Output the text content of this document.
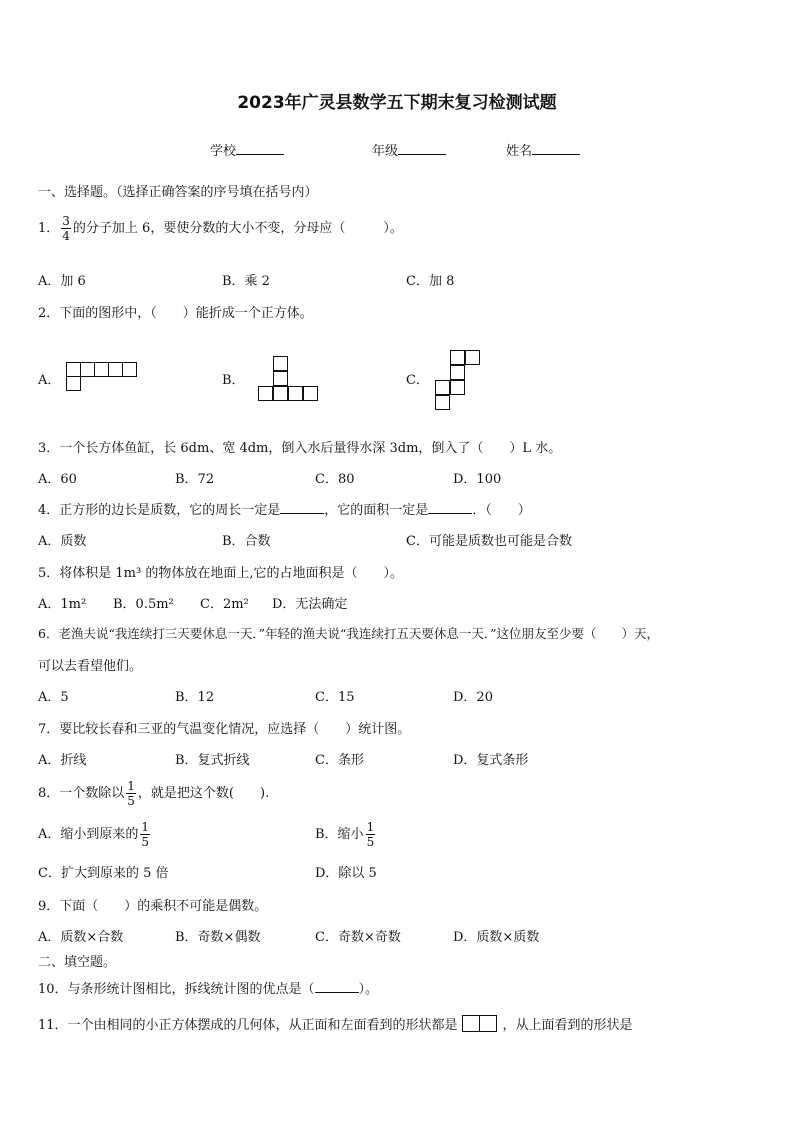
2023年广灵县数学五下期末复习检测试题
学校	年级	姓名
一、选择题。（选择正确答案的序号填在括号内）
1． $\frac{3}{4}$ 的分子加上 6，要使分数的大小不变，分母应（	）。
A．加 6	B．乘 2	C．加 8
2．下面的图形中，（　　）能折成一个正方体。
A．	B．	C．
3．一个长方体鱼缸，长 6dm、宽 4dm，倒入水后量得水深 3dm，倒入了（　　）L 水。
A．60	B．72	C．80	D．100
4．正方形的边长是质数，它的周长一定是	，它的面积一定是	．（　　）
A．质数	B．合数	C．可能是质数也可能是合数
5．将体积是 1m³ 的物体放在地面上,它的占地面积是（　　）。
A．1m² B．0.5m² C．2m² D．无法确定
6．老渔夫说“我连续打三天要休息一天．”年轻的渔夫说“我连续打五天要休息一天．”这位朋友至少要（　　）天，
可以去看望他们。
A．5	B．12	C．15	D．20
7．要比较长春和三亚的气温变化情况，应选择（　　）统计图。
A．折线	B．复式折线	C．条形	D．复式条形
8．一个数除以 $\frac{1}{5}$ ，就是把这个数(　　).
A．缩小到原来的 $\frac{1}{5}$	B．缩小 $\frac{1}{5}$
C．扩大到原来的 5 倍	D．除以 5
9．下面（　　）的乘积不可能是偶数。
A．质数×合数	B．奇数×偶数	C．奇数×奇数	D．质数×质数
二、填空题。
10．与条形统计图相比，拆线统计图的优点是（	）。
11．一个由相同的小正方体摆成的几何体，从正面和左面看到的形状都是	，从上面看到的形状是
